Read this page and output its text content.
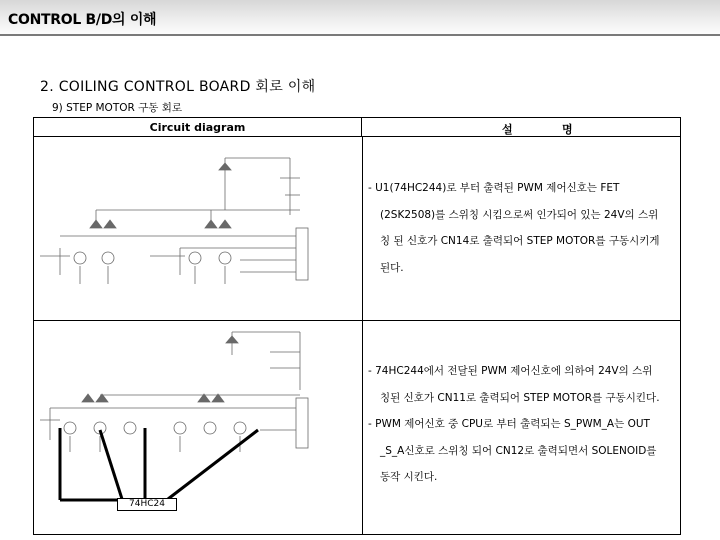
CONTROL B/D의 이해
2. COILING CONTROL BOARD 회로 이해
9) STEP MOTOR 구동 회로
Circuit diagram	설	명

- U1(74HC244)로 부터 출력된 PWM 제어신호는 FET

(2SK2508)를 스위칭 시킴으로써 인가되어 있는 24V의 스위

칭 된 신호가 CN14로 출력되어 STEP MOTOR를 구동시키게

된다.

- 74HC244에서 전달된 PWM 제어신호에 의하여 24V의 스위

칭된 신호가 CN11로 출력되어 STEP MOTOR를 구동시킨다.

- PWM 제어신호 중 CPU로 부터 출력되는 S_PWM_A는 OUT

_S_A신호로 스위칭 되어 CN12로 출력되면서 SOLENOID를

동작 시킨다.

74HC24
